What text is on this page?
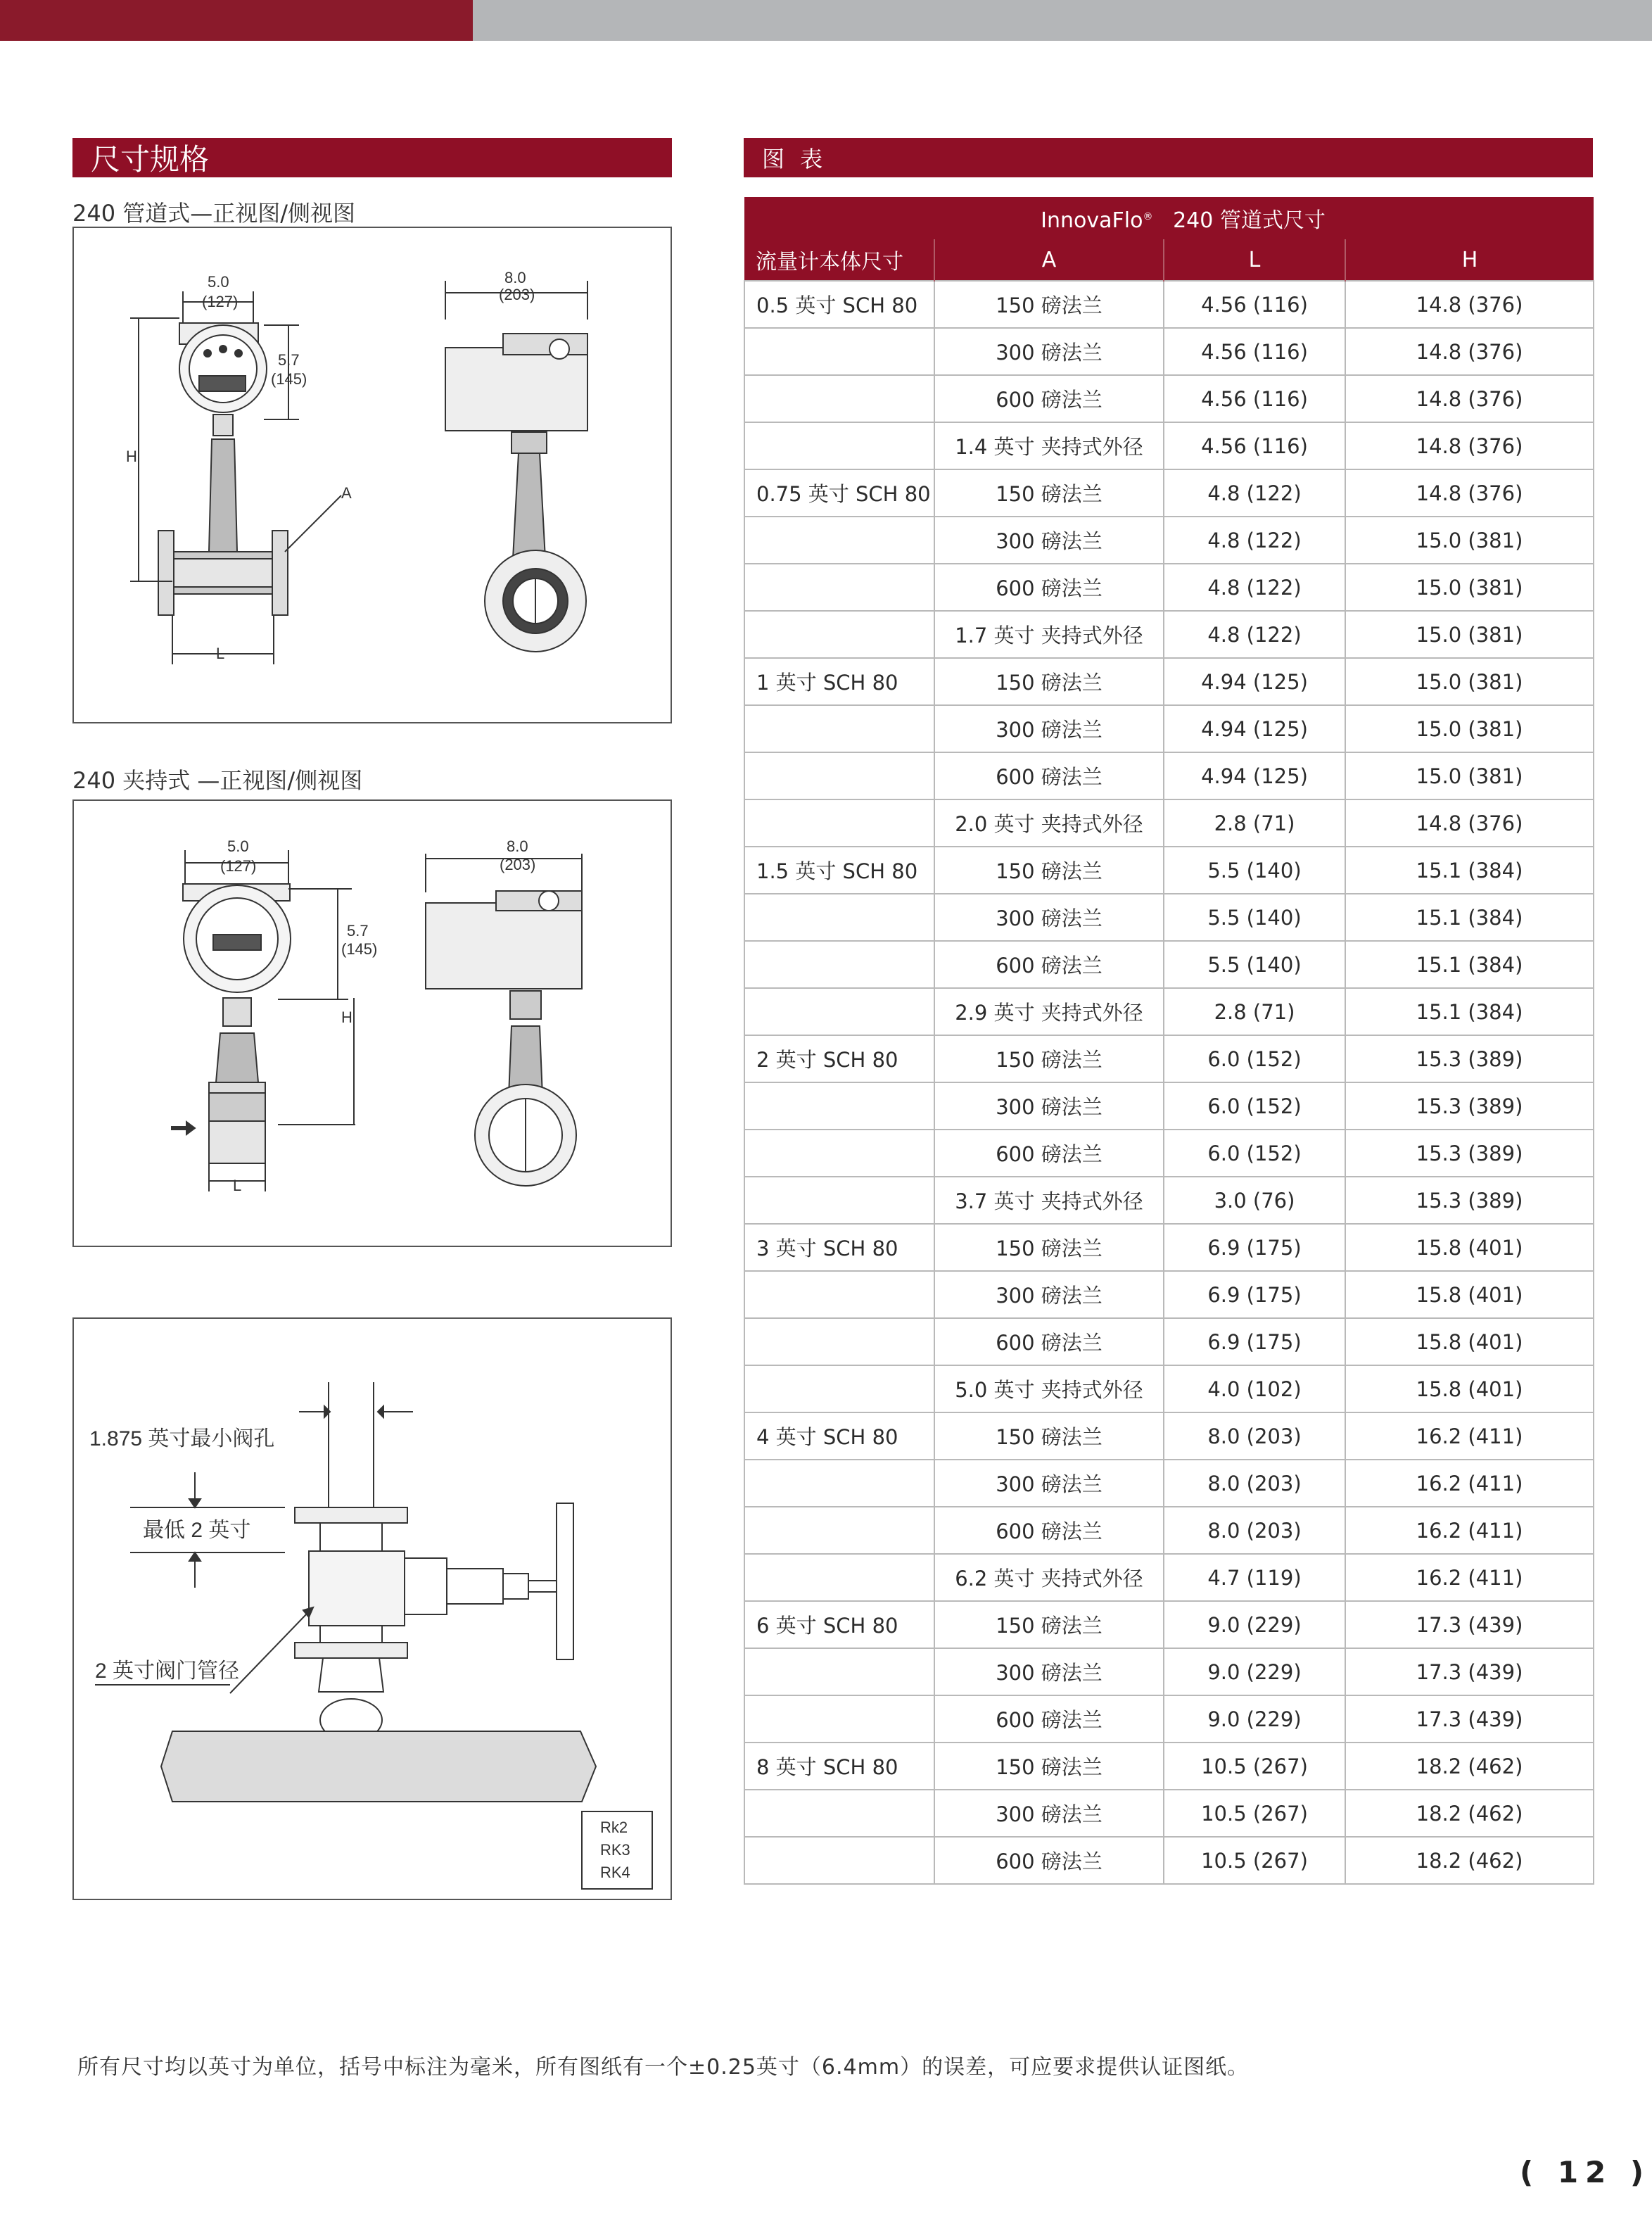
尺寸规格	图 表
240 管道式—正视图/侧视图
5.0
(127)
5.7
(145)
H
L
A
8.0
(203)
240 夹持式 —正视图/侧视图
5.0
(127)
5.7
(145)
H
L
8.0
(203)
1.875 英寸最小阀孔
最低 2 英寸
2 英寸阀门管径
Rk2
RK3
RK4
InnovaFlo® 240 管道式尺寸			
流量计本体尺寸	A	L	H
0.5 英寸 SCH 80	150 磅法兰	4.56 (116)	14.8 (376)
	300 磅法兰	4.56 (116)	14.8 (376)
	600 磅法兰	4.56 (116)	14.8 (376)
	1.4 英寸 夹持式外径	4.56 (116)	14.8 (376)
0.75 英寸 SCH 80	150 磅法兰	4.8 (122)	14.8 (376)
	300 磅法兰	4.8 (122)	15.0 (381)
	600 磅法兰	4.8 (122)	15.0 (381)
	1.7 英寸 夹持式外径	4.8 (122)	15.0 (381)
1 英寸 SCH 80	150 磅法兰	4.94 (125)	15.0 (381)
	300 磅法兰	4.94 (125)	15.0 (381)
	600 磅法兰	4.94 (125)	15.0 (381)
	2.0 英寸 夹持式外径	2.8 (71)	14.8 (376)
1.5 英寸 SCH 80	150 磅法兰	5.5 (140)	15.1 (384)
	300 磅法兰	5.5 (140)	15.1 (384)
	600 磅法兰	5.5 (140)	15.1 (384)
	2.9 英寸 夹持式外径	2.8 (71)	15.1 (384)
2 英寸 SCH 80	150 磅法兰	6.0 (152)	15.3 (389)
	300 磅法兰	6.0 (152)	15.3 (389)
	600 磅法兰	6.0 (152)	15.3 (389)
	3.7 英寸 夹持式外径	3.0 (76)	15.3 (389)
3 英寸 SCH 80	150 磅法兰	6.9 (175)	15.8 (401)
	300 磅法兰	6.9 (175)	15.8 (401)
	600 磅法兰	6.9 (175)	15.8 (401)
	5.0 英寸 夹持式外径	4.0 (102)	15.8 (401)
4 英寸 SCH 80	150 磅法兰	8.0 (203)	16.2 (411)
	300 磅法兰	8.0 (203)	16.2 (411)
	600 磅法兰	8.0 (203)	16.2 (411)
	6.2 英寸 夹持式外径	4.7 (119)	16.2 (411)
6 英寸 SCH 80	150 磅法兰	9.0 (229)	17.3 (439)
	300 磅法兰	9.0 (229)	17.3 (439)
	600 磅法兰	9.0 (229)	17.3 (439)
8 英寸 SCH 80	150 磅法兰	10.5 (267)	18.2 (462)
	300 磅法兰	10.5 (267)	18.2 (462)
	600 磅法兰	10.5 (267)	18.2 (462)
所有尺寸均以英寸为单位，括号中标注为毫米，所有图纸有一个±0.25英寸（6.4mm）的误差，可应要求提供认证图纸。
( 12 )
